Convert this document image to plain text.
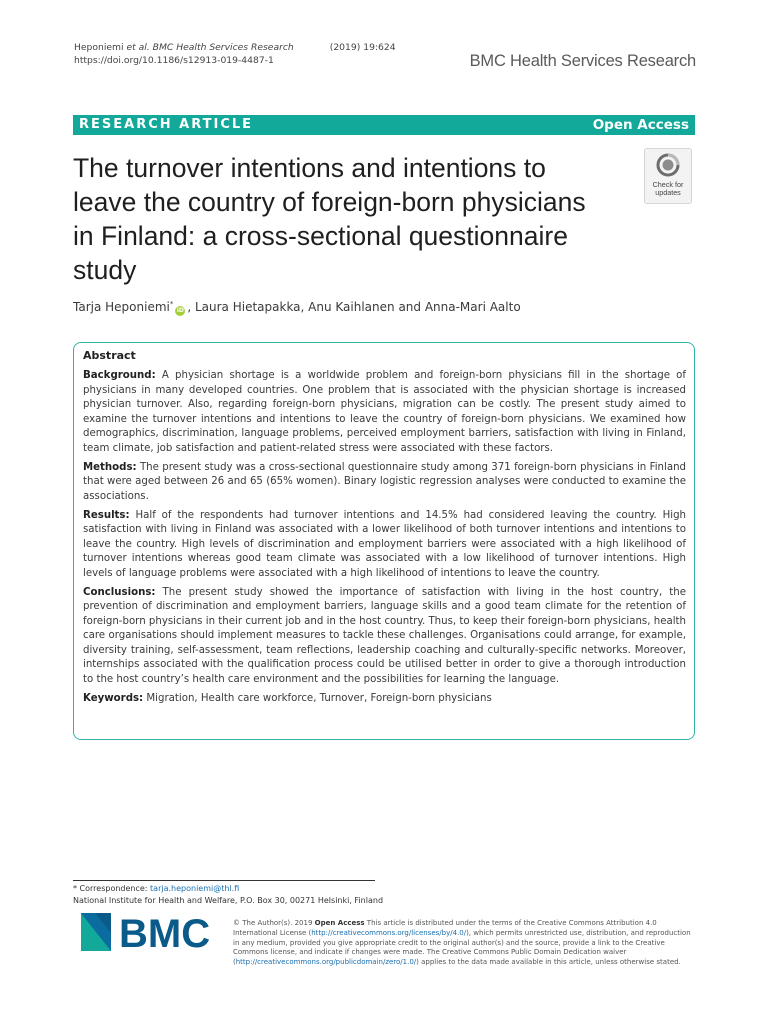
Heponiemi et al. BMC Health Services Research	(2019) 19:624
https://doi.org/10.1186/s12913-019-4487-1	BMC Health Services Research
RESEARCH ARTICLE	Open Access
The turnover intentions and intentions to leave the country of foreign-born physicians in Finland: a cross-sectional questionnaire study
Check for
updates
Tarja Heponiemi*iD , Laura Hietapakka, Anu Kaihlanen and Anna-Mari Aalto
Abstract

Background: A physician shortage is a worldwide problem and foreign-born physicians fill in the shortage of physicians in many developed countries. One problem that is associated with the physician shortage is increased physician turnover. Also, regarding foreign-born physicians, migration can be costly. The present study aimed to examine the turnover intentions and intentions to leave the country of foreign-born physicians. We examined how demographics, discrimination, language problems, perceived employment barriers, satisfaction with living in Finland, team climate, job satisfaction and patient-related stress were associated with these factors.

Methods: The present study was a cross-sectional questionnaire study among 371 foreign-born physicians in Finland that were aged between 26 and 65 (65% women). Binary logistic regression analyses were conducted to examine the associations.

Results: Half of the respondents had turnover intentions and 14.5% had considered leaving the country. High satisfaction with living in Finland was associated with a lower likelihood of both turnover intentions and intentions to leave the country. High levels of discrimination and employment barriers were associated with a high likelihood of turnover intentions whereas good team climate was associated with a low likelihood of turnover intentions. High levels of language problems were associated with a high likelihood of intentions to leave the country.

Conclusions: The present study showed the importance of satisfaction with living in the host country, the prevention of discrimination and employment barriers, language skills and a good team climate for the retention of foreign-born physicians in their current job and in the host country. Thus, to keep their foreign-born physicians, health care organisations should implement measures to tackle these challenges. Organisations could arrange, for example, diversity training, self-assessment, team reflections, leadership coaching and culturally-specific networks. Moreover, internships associated with the qualification process could be utilised better in order to give a thorough introduction to the host country’s health care environment and the possibilities for learning the language.

Keywords: Migration, Health care workforce, Turnover, Foreign-born physicians

* Correspondence: tarja.heponiemi@thl.fi
National Institute for Health and Welfare, P.O. Box 30, 00271 Helsinki, Finland
BMC	© The Author(s). 2019 Open Access This article is distributed under the terms of the Creative Commons Attribution 4.0 International License (http://creativecommons.org/licenses/by/4.0/), which permits unrestricted use, distribution, and reproduction in any medium, provided you give appropriate credit to the original author(s) and the source, provide a link to the Creative Commons license, and indicate if changes were made. The Creative Commons Public Domain Dedication waiver (http://creativecommons.org/publicdomain/zero/1.0/) applies to the data made available in this article, unless otherwise stated.
